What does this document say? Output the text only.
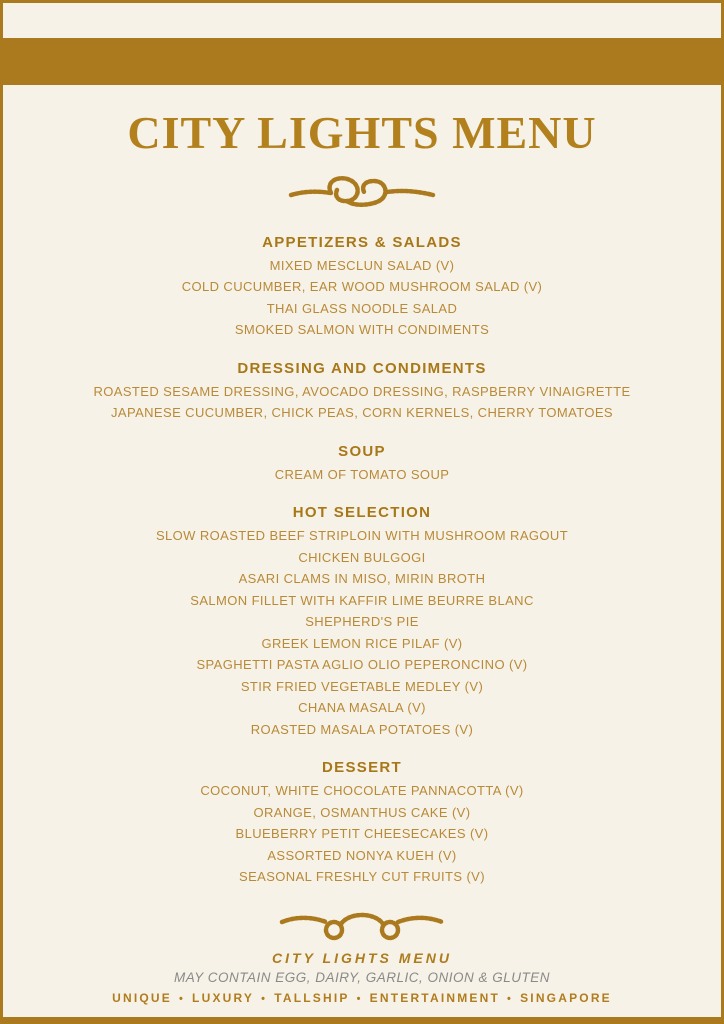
CITY LIGHTS MENU
APPETIZERS & SALADS
MIXED MESCLUN SALAD (V)
COLD CUCUMBER, EAR WOOD MUSHROOM SALAD (V)
THAI GLASS NOODLE SALAD
SMOKED SALMON WITH CONDIMENTS
DRESSING AND CONDIMENTS
ROASTED SESAME DRESSING, AVOCADO DRESSING, RASPBERRY VINAIGRETTE
JAPANESE CUCUMBER, CHICK PEAS, CORN KERNELS, CHERRY TOMATOES
SOUP
CREAM OF TOMATO SOUP
HOT SELECTION
SLOW ROASTED BEEF STRIPLOIN WITH MUSHROOM RAGOUT
CHICKEN BULGOGI
ASARI CLAMS IN MISO, MIRIN BROTH
SALMON FILLET WITH KAFFIR LIME BEURRE BLANC
SHEPHERD'S PIE
GREEK LEMON RICE PILAF (V)
SPAGHETTI PASTA AGLIO OLIO PEPERONCINO (V)
STIR FRIED VEGETABLE MEDLEY (V)
CHANA MASALA (V)
ROASTED MASALA POTATOES (V)
DESSERT
COCONUT, WHITE CHOCOLATE PANNACOTTA (V)
ORANGE, OSMANTHUS CAKE (V)
BLUEBERRY PETIT CHEESECAKES (V)
ASSORTED NONYA KUEH (V)
SEASONAL FRESHLY CUT FRUITS (V)
CITY LIGHTS MENU
MAY CONTAIN EGG, DAIRY, GARLIC, ONION & GLUTEN
UNIQUE • LUXURY • TALLSHIP • ENTERTAINMENT • SINGAPORE
